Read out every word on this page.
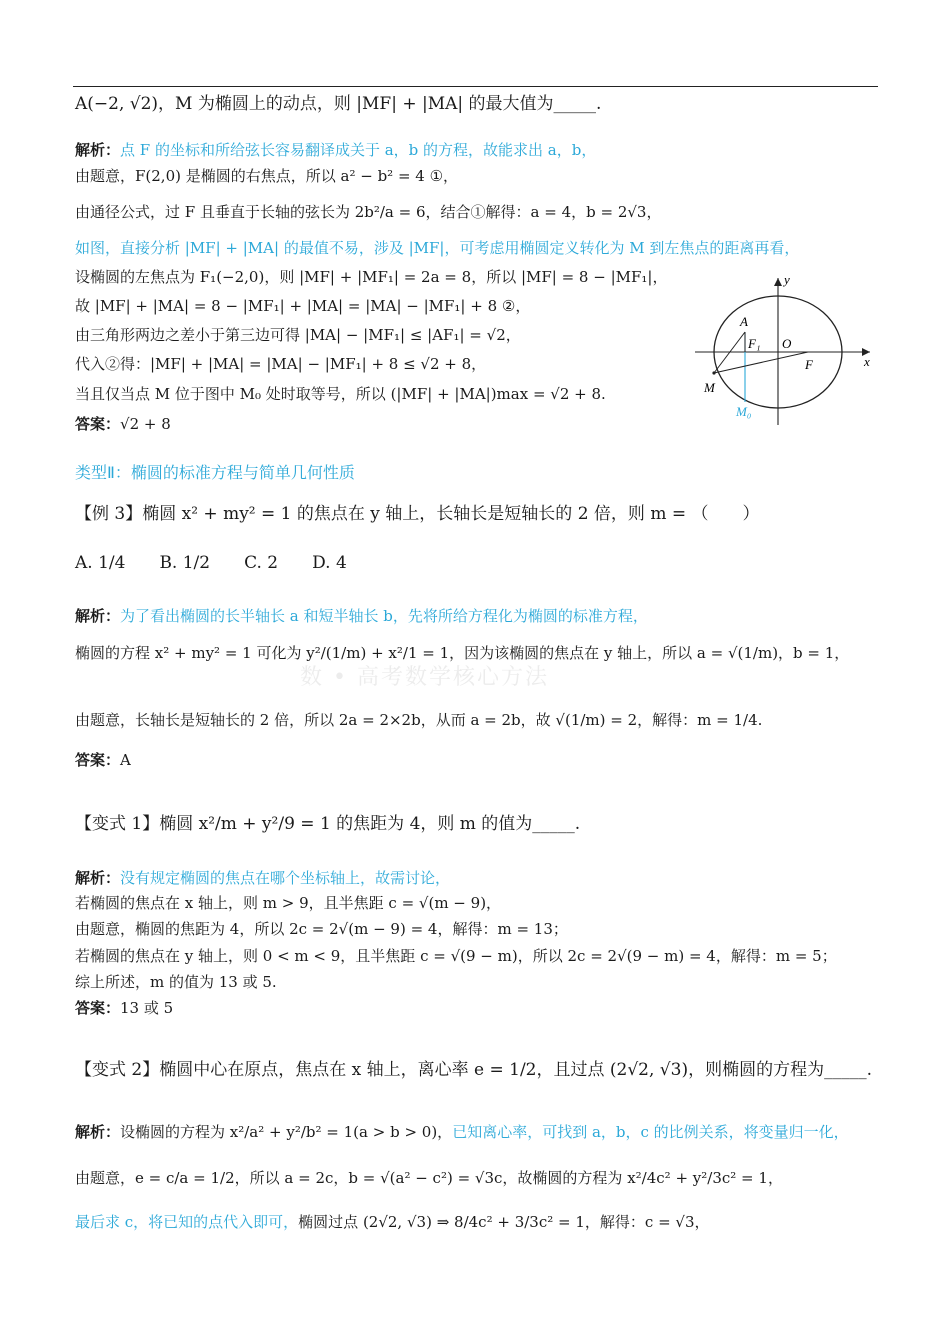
A(−2, √2)，M 为椭圆上的动点，则 |MF| + |MA| 的最大值为_____.
解析：点 F 的坐标和所给弦长容易翻译成关于 a，b 的方程，故能求出 a，b，
由题意，F(2,0) 是椭圆的右焦点，所以 a² − b² = 4 ①，
由通径公式，过 F 且垂直于长轴的弦长为 2b²/a = 6，结合①解得：a = 4，b = 2√3，
如图，直接分析 |MF| + |MA| 的最值不易，涉及 |MF|，可考虑用椭圆定义转化为 M 到左焦点的距离再看，
设椭圆的左焦点为 F₁(−2,0)，则 |MF| + |MF₁| = 2a = 8，所以 |MF| = 8 − |MF₁|，
故 |MF| + |MA| = 8 − |MF₁| + |MA| = |MA| − |MF₁| + 8 ②，
由三角形两边之差小于第三边可得 |MA| − |MF₁| ≤ |AF₁| = √2，
代入②得：|MF| + |MA| = |MA| − |MF₁| + 8 ≤ √2 + 8，
当且仅当点 M 位于图中 M₀ 处时取等号，所以 (|MF| + |MA|)max = √2 + 8.
答案：√2 + 8
y
x
A
F₁ O
F
M
M₀
类型Ⅱ：椭圆的标准方程与简单几何性质
【例 3】椭圆 x² + my² = 1 的焦点在 y 轴上，长轴长是短轴长的 2 倍，则 m = （　　）
A. 1/4　　B. 1/2　　C. 2　　D. 4
解析：为了看出椭圆的长半轴长 a 和短半轴长 b，先将所给方程化为椭圆的标准方程，
椭圆的方程 x² + my² = 1 可化为 y²/(1/m) + x²/1 = 1，因为该椭圆的焦点在 y 轴上，所以 a = √(1/m)，b = 1，
数 • 高考数学核心方法
由题意，长轴长是短轴长的 2 倍，所以 2a = 2×2b，从而 a = 2b，故 √(1/m) = 2，解得：m = 1/4.
答案：A
【变式 1】椭圆 x²/m + y²/9 = 1 的焦距为 4，则 m 的值为_____.
解析：没有规定椭圆的焦点在哪个坐标轴上，故需讨论，
若椭圆的焦点在 x 轴上，则 m > 9，且半焦距 c = √(m − 9)，
由题意，椭圆的焦距为 4，所以 2c = 2√(m − 9) = 4，解得：m = 13；
若椭圆的焦点在 y 轴上，则 0 < m < 9，且半焦距 c = √(9 − m)，所以 2c = 2√(9 − m) = 4，解得：m = 5；
综上所述，m 的值为 13 或 5.
答案：13 或 5
【变式 2】椭圆中心在原点，焦点在 x 轴上，离心率 e = 1/2，且过点 (2√2, √3)，则椭圆的方程为_____.
解析：设椭圆的方程为 x²/a² + y²/b² = 1(a > b > 0)，已知离心率，可找到 a，b，c 的比例关系，将变量归一化，
由题意，e = c/a = 1/2，所以 a = 2c，b = √(a² − c²) = √3c，故椭圆的方程为 x²/4c² + y²/3c² = 1，
最后求 c，将已知的点代入即可，椭圆过点 (2√2, √3) ⇒ 8/4c² + 3/3c² = 1，解得：c = √3，
